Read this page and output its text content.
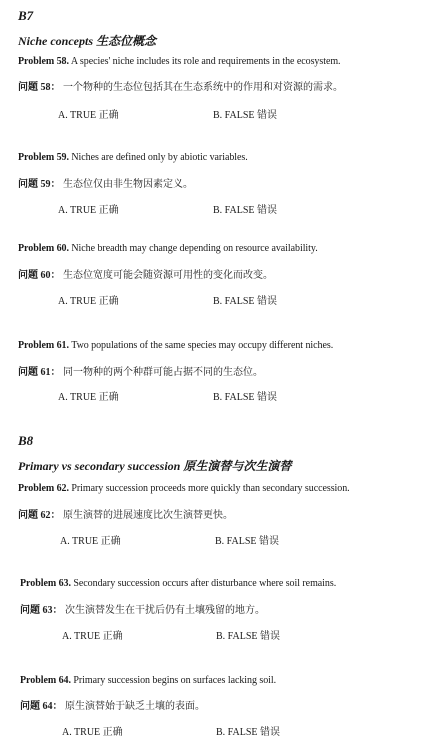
B7
Niche concepts 生态位概念
Problem 58. A species' niche includes its role and requirements in the ecosystem.
问题 58： 一个物种的生态位包括其在生态系统中的作用和对资源的需求。
A. TRUE 正确	B. FALSE 错误
Problem 59. Niches are defined only by abiotic variables.
问题 59： 生态位仅由非生物因素定义。
A. TRUE 正确	B. FALSE 错误
Problem 60. Niche breadth may change depending on resource availability.
问题 60： 生态位宽度可能会随资源可用性的变化而改变。
A. TRUE 正确	B. FALSE 错误
Problem 61. Two populations of the same species may occupy different niches.
问题 61： 同一物种的两个种群可能占据不同的生态位。
A. TRUE 正确	B. FALSE 错误
B8
Primary vs secondary succession 原生演替与次生演替
Problem 62. Primary succession proceeds more quickly than secondary succession.
问题 62： 原生演替的进展速度比次生演替更快。
A. TRUE 正确	B. FALSE 错误
Problem 63. Secondary succession occurs after disturbance where soil remains.
问题 63： 次生演替发生在干扰后仍有土壤残留的地方。
A. TRUE 正确	B. FALSE 错误
Problem 64. Primary succession begins on surfaces lacking soil.
问题 64： 原生演替始于缺乏土壤的表面。
A. TRUE 正确	B. FALSE 错误
